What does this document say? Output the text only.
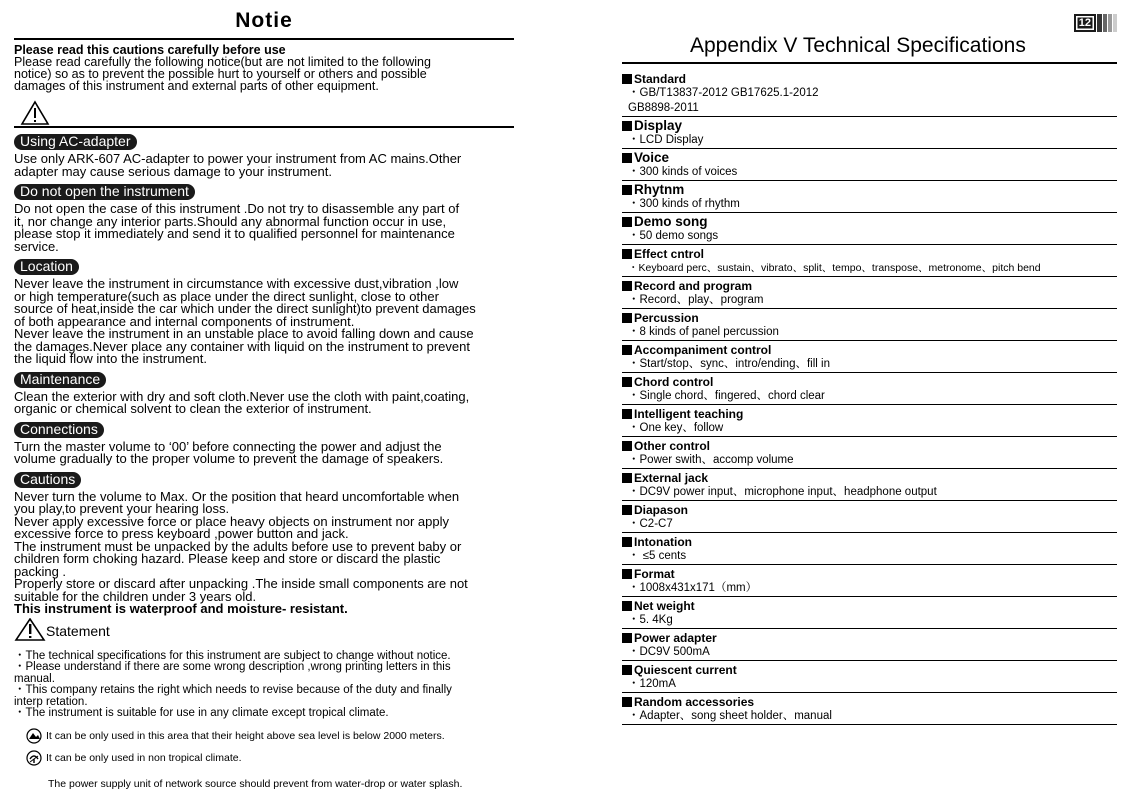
Notie
Please read this cautions carefully before use
Please read carefully the following notice(but are not limited to the following
notice) so as to prevent the possible hurt to yourself or others and possible
damages of this instrument and external parts of other equipment.
Using AC-adapter

Use only ARK-607 AC-adapter to power your instrument from AC mains.Other

adapter may cause serious damage to your instrument.

Do not open the instrument

Do not open the case of this instrument .Do not try to disassemble any part of

it, nor change any interior parts.Should any abnormal function occur in use,

please stop it immediately and send it to qualified personnel for maintenance

service.

Location

Never leave the instrument in circumstance with excessive dust,vibration ,low

or high temperature(such as place under the direct sunlight, close to other

source of heat,inside the car which under the direct sunlight)to prevent damages

of both appearance and internal components of instrument.

Never leave the instrument in an unstable place to avoid falling down and cause

the damages.Never place any container with liquid on the instrument to prevent

the liquid flow into the instrument.

Maintenance

Clean the exterior with dry and soft cloth.Never use the cloth with paint,coating,

organic or chemical solvent to clean the exterior of instrument.

Connections

Turn the master volume to ‘00’ before connecting the power and adjust the

volume gradually to the proper volume to prevent the damage of speakers.

Cautions

Never turn the volume to Max. Or the position that heard uncomfortable when

you play,to prevent your hearing loss.

Never apply excessive force or place heavy objects on instrument nor apply

excessive force to press keyboard ,power button and jack.

The instrument must be unpacked by the adults before use to prevent baby or

children form choking hazard. Please keep and store or discard the plastic

packing .

Properly store or discard after unpacking .The inside small components are not

suitable for the children under 3 years old.

This instrument is waterproof and moisture- resistant.

Statement
・The technical specifications for this instrument are subject to change without notice.
・Please understand if there are some wrong description ,wrong printing letters in this
manual.
・This company retains the right which needs to revise because of the duty and finally
interp retation.
・The instrument is suitable for use in any climate except tropical climate.
It can be only used in this area that their height above sea level is below 2000 meters.
It can be only used in non tropical climate.
The power supply unit of network source should prevent from water-drop or water splash.
12
Appendix V Technical Specifications
Standard
・GB/T13837-2012 GB17625.1-2012
GB8898-2011
Display
・LCD Display
Voice
・300 kinds of voices
Rhytnm
・300 kinds of rhythm
Demo song
・50 demo songs
Effect cntrol
・Keyboard perc、sustain、vibrato、split、tempo、transpose、metronome、pitch bend
Record and program
・Record、play、program
Percussion
・8 kinds of panel percussion
Accompaniment control
・Start/stop、sync、intro/ending、fill in
Chord control
・Single chord、fingered、chord clear
Intelligent teaching
・One key、follow
Other control
・Power swith、accomp volume
External jack
・DC9V power input、microphone input、headphone output
Diapason
・C2-C7
Intonation
・ ≤5 cents
Format
・1008x431x171（mm）
Net weight
・5. 4Kg
Power adapter
・DC9V 500mA
Quiescent current
・120mA
Random accessories
・Adapter、song sheet holder、manual
